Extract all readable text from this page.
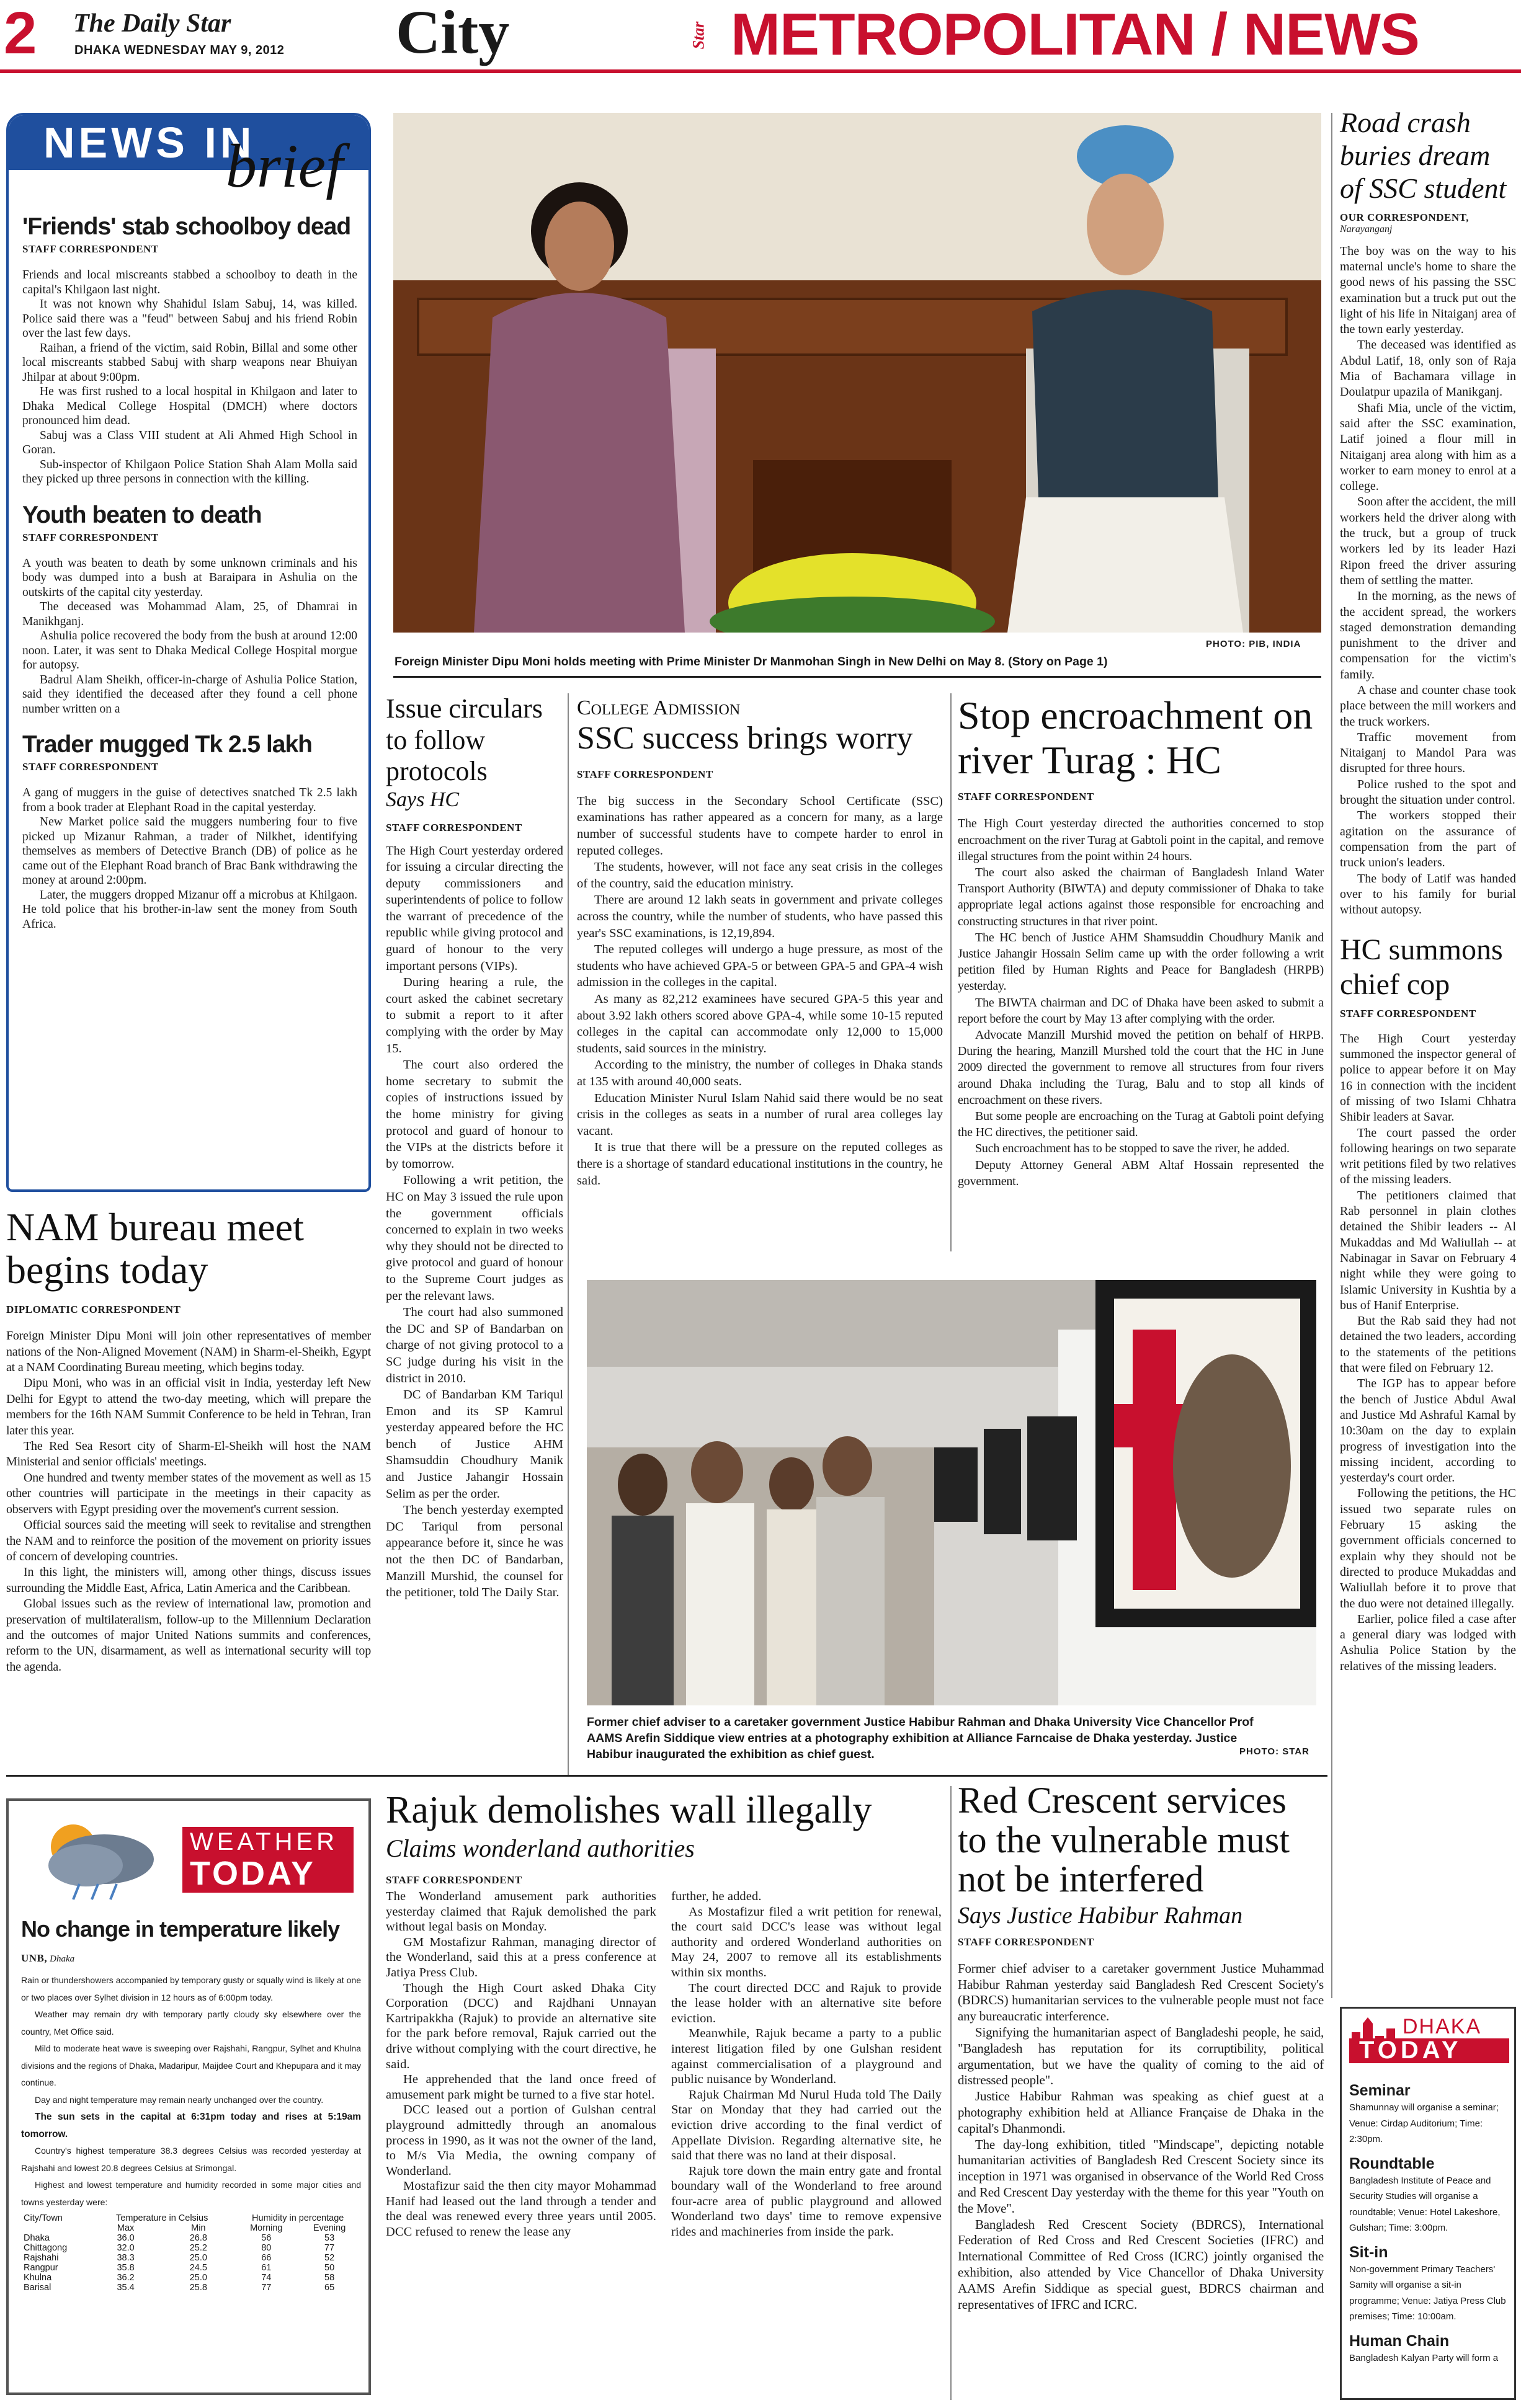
2 The Daily Star
DHAKA WEDNESDAY MAY 9, 2012 City	Star METROPOLITAN / NEWS
NEWS IN
brief
'Friends' stab schoolboy dead
STAFF CORRESPONDENT

Friends and local miscreants stabbed a schoolboy to death in the capital's Khilgaon last night.

It was not known why Shahidul Islam Sabuj, 14, was killed. Police said there was a "feud" between Sabuj and his friend Robin over the last few days.

Raihan, a friend of the victim, said Robin, Billal and some other local miscreants stabbed Sabuj with sharp weapons near Bhuiyan Jhilpar at about 9:00pm.

He was first rushed to a local hospital in Khilgaon and later to Dhaka Medical College Hospital (DMCH) where doctors pronounced him dead.

Sabuj was a Class VIII student at Ali Ahmed High School in Goran.

Sub-inspector of Khilgaon Police Station Shah Alam Molla said they picked up three persons in connection with the killing.

Youth beaten to death
STAFF CORRESPONDENT

A youth was beaten to death by some unknown criminals and his body was dumped into a bush at Baraipara in Ashulia on the outskirts of the capital city yesterday.

The deceased was Mohammad Alam, 25, of Dhamrai in Manikhganj.

Ashulia police recovered the body from the bush at around 12:00 noon. Later, it was sent to Dhaka Medical College Hospital morgue for autopsy.

Badrul Alam Sheikh, officer-in-charge of Ashulia Police Station, said they identified the deceased after they found a cell phone number written on a

Trader mugged Tk 2.5 lakh
STAFF CORRESPONDENT

A gang of muggers in the guise of detectives snatched Tk 2.5 lakh from a book trader at Elephant Road in the capital yesterday.

New Market police said the muggers numbering four to five picked up Mizanur Rahman, a trader of Nilkhet, identifying themselves as members of Detective Branch (DB) of police as he came out of the Elephant Road branch of Brac Bank withdrawing the money at around 2:00pm.

Later, the muggers dropped Mizanur off a microbus at Khilgaon. He told police that his brother-in-law sent the money from South Africa.

NAM bureau meet begins today
DIPLOMATIC CORRESPONDENT

Foreign Minister Dipu Moni will join other representatives of member nations of the Non-Aligned Movement (NAM) in Sharm-el-Sheikh, Egypt at a NAM Coordinating Bureau meeting, which begins today.

Dipu Moni, who was in an official visit in India, yesterday left New Delhi for Egypt to attend the two-day meeting, which will prepare the members for the 16th NAM Summit Conference to be held in Tehran, Iran later this year.

The Red Sea Resort city of Sharm-El-Sheikh will host the NAM Ministerial and senior officials' meetings.

One hundred and twenty member states of the movement as well as 15 other countries will participate in the meetings in their capacity as observers with Egypt presiding over the movement's current session.

Official sources said the meeting will seek to revitalise and strengthen the NAM and to reinforce the position of the movement on priority issues of concern of developing countries.

In this light, the ministers will, among other things, discuss issues surrounding the Middle East, Africa, Latin America and the Caribbean.

Global issues such as the review of international law, promotion and preservation of multilateralism, follow-up to the Millennium Declaration and the outcomes of major United Nations summits and conferences, reform to the UN, disarmament, as well as international security will top the agenda.

Foreign Minister Dipu Moni holds meeting with Prime Minister Dr Manmohan Singh in New Delhi on May 8. (Story on Page 1)
PHOTO: PIB, INDIA
Issue circulars to follow protocols
Says HC
STAFF CORRESPONDENT

The High Court yesterday ordered for issuing a circular directing the deputy commissioners and superintendents of police to follow the warrant of precedence of the republic while giving protocol and guard of honour to the very important persons (VIPs).

During hearing a rule, the court asked the cabinet secretary to submit a report to it after complying with the order by May 15.

The court also ordered the home secretary to submit the copies of instructions issued by the home ministry for giving protocol and guard of honour to the VIPs at the districts before it by tomorrow.

Following a writ petition, the HC on May 3 issued the rule upon the government officials concerned to explain in two weeks why they should not be directed to give protocol and guard of honour to the Supreme Court judges as per the relevant laws.

The court had also summoned the DC and SP of Bandarban on charge of not giving protocol to a SC judge during his visit in the district in 2010.

DC of Bandarban KM Tariqul Emon and its SP Kamrul yesterday appeared before the HC bench of Justice AHM Shamsuddin Choudhury Manik and Justice Jahangir Hossain Selim as per the order.

The bench yesterday exempted DC Tariqul from personal appearance before it, since he was not the then DC of Bandarban, Manzill Murshid, the counsel for the petitioner, told The Daily Star.

College Admission
SSC success brings worry
STAFF CORRESPONDENT

The big success in the Secondary School Certificate (SSC) examinations has rather appeared as a concern for many, as a large number of successful students have to compete harder to enrol in reputed colleges.

The students, however, will not face any seat crisis in the colleges of the country, said the education ministry.

There are around 12 lakh seats in government and private colleges across the country, while the number of students, who have passed this year's SSC examinations, is 12,19,894.

The reputed colleges will undergo a huge pressure, as most of the students who have achieved GPA-5 or between GPA-5 and GPA-4 wish admission in the colleges in the capital.

As many as 82,212 examinees have secured GPA-5 this year and about 3.92 lakh others scored above GPA-4, while some 10-15 reputed colleges in the capital can accommodate only 12,000 to 15,000 students, said sources in the ministry.

According to the ministry, the number of colleges in Dhaka stands at 135 with around 40,000 seats.

Education Minister Nurul Islam Nahid said there would be no seat crisis in the colleges as seats in a number of rural area colleges lay vacant.

It is true that there will be a pressure on the reputed colleges as there is a shortage of standard educational institutions in the country, he said.

Stop encroachment on river Turag : HC
STAFF CORRESPONDENT

The High Court yesterday directed the authorities concerned to stop encroachment on the river Turag at Gabtoli point in the capital, and remove illegal structures from the point within 24 hours.

The court also asked the chairman of Bangladesh Inland Water Transport Authority (BIWTA) and deputy commissioner of Dhaka to take appropriate legal actions against those responsible for encroaching and constructing structures in that river point.

The HC bench of Justice AHM Shamsuddin Choudhury Manik and Justice Jahangir Hossain Selim came up with the order following a writ petition filed by Human Rights and Peace for Bangladesh (HRPB) yesterday.

The BIWTA chairman and DC of Dhaka have been asked to submit a report before the court by May 13 after complying with the order.

Advocate Manzill Murshid moved the petition on behalf of HRPB. During the hearing, Manzill Murshed told the court that the HC in June 2009 directed the government to remove all structures from four rivers around Dhaka including the Turag, Balu and to stop all kinds of encroachment on these rivers.

But some people are encroaching on the Turag at Gabtoli point defying the HC directives, the petitioner said.

Such encroachment has to be stopped to save the river, he added.

Deputy Attorney General ABM Altaf Hossain represented the government.

Road crash buries dream of SSC student
OUR CORRESPONDENT,
Narayanganj

The boy was on the way to his maternal uncle's home to share the good news of his passing the SSC examination but a truck put out the light of his life in Nitaiganj area of the town early yesterday.

The deceased was identified as Abdul Latif, 18, only son of Raja Mia of Bachamara village in Doulatpur upazila of Manikganj.

Shafi Mia, uncle of the victim, said after the SSC examination, Latif joined a flour mill in Nitaiganj area along with him as a worker to earn money to enrol at a college.

Soon after the accident, the mill workers held the driver along with the truck, but a group of truck workers led by its leader Hazi Ripon freed the driver assuring them of settling the matter.

In the morning, as the news of the accident spread, the workers staged demonstration demanding punishment to the driver and compensation for the victim's family.

A chase and counter chase took place between the mill workers and the truck workers.

Traffic movement from Nitaiganj to Mandol Para was disrupted for three hours.

Police rushed to the spot and brought the situation under control.

The workers stopped their agitation on the assurance of compensation from the part of truck union's leaders.

The body of Latif was handed over to his family for burial without autopsy.

HC summons chief cop
STAFF CORRESPONDENT

The High Court yesterday summoned the inspector general of police to appear before it on May 16 in connection with the incident of missing of two Islami Chhatra Shibir leaders at Savar.

The court passed the order following hearings on two separate writ petitions filed by two relatives of the missing leaders.

The petitioners claimed that Rab personnel in plain clothes detained the Shibir leaders -- Al Mukaddas and Md Waliullah -- at Nabinagar in Savar on February 4 night while they were going to Islamic University in Kushtia by a bus of Hanif Enterprise.

But the Rab said they had not detained the two leaders, according to the statements of the petitions that were filed on February 12.

The IGP has to appear before the bench of Justice Abdul Awal and Justice Md Ashraful Kamal by 10:30am on the day to explain progress of investigation into the missing incident, according to yesterday's court order.

Following the petitions, the HC issued two separate rules on February 15 asking the government officials concerned to explain why they should not be directed to produce Mukaddas and Waliullah before it to prove that the duo were not detained illegally.

Earlier, police filed a case after a general diary was lodged with Ashulia Police Station by the relatives of the missing leaders.

Former chief adviser to a caretaker government Justice Habibur Rahman and Dhaka University Vice Chancellor Prof AAMS Arefin Siddique view entries at a photography exhibition at Alliance Farncaise de Dhaka yesterday. Justice Habibur inaugurated the exhibition as chief guest.	PHOTO: STAR
WEATHER
TODAY
No change in temperature likely
UNB, Dhaka

Rain or thundershowers accompanied by temporary gusty or squally wind is likely at one or two places over Sylhet division in 12 hours as of 6:00pm today.

Weather may remain dry with temporary partly cloudy sky elsewhere over the country, Met Office said.

Mild to moderate heat wave is sweeping over Rajshahi, Rangpur, Sylhet and Khulna divisions and the regions of Dhaka, Madaripur, Maijdee Court and Khepupara and it may continue.

Day and night temperature may remain nearly unchanged over the country.

The sun sets in the capital at 6:31pm today and rises at 5:19am tomorrow.

Country's highest temperature 38.3 degrees Celsius was recorded yesterday at Rajshahi and lowest 20.8 degrees Celsius at Srimongal.

Highest and lowest temperature and humidity recorded in some major cities and towns yesterday were:

City/Town	Temperature in Celsius		Humidity in percentage	
	Max	Min	Morning	Evening
Dhaka	36.0	26.8	56	53
Chittagong	32.0	25.2	80	77
Rajshahi	38.3	25.0	66	52
Rangpur	35.8	24.5	61	50
Khulna	36.2	25.0	74	58
Barisal	35.4	25.8	77	65
Rajuk demolishes wall illegally
Claims wonderland authorities
STAFF CORRESPONDENT

The Wonderland amusement park authorities yesterday claimed that Rajuk demolished the park without legal basis on Monday.

GM Mostafizur Rahman, managing director of the Wonderland, said this at a press conference at Jatiya Press Club.

Though the High Court asked Dhaka City Corporation (DCC) and Rajdhani Unnayan Kartripakkha (Rajuk) to provide an alternative site for the park before removal, Rajuk carried out the drive without complying with the court directive, he said.

He apprehended that the land once freed of amusement park might be turned to a five star hotel.

DCC leased out a portion of Gulshan central playground admittedly through an anomalous process in 1990, as it was not the owner of the land, to M/s Via Media, the owning company of Wonderland.

Mostafizur said the then city mayor Mohammad Hanif had leased out the land through a tender and the deal was renewed every three years until 2005. DCC refused to renew the lease any

further, he added.

As Mostafizur filed a writ petition for renewal, the court said DCC's lease was without legal authority and ordered Wonderland authorities on May 24, 2007 to remove all its establishments within six months.

The court directed DCC and Rajuk to provide the lease holder with an alternative site before eviction.

Meanwhile, Rajuk became a party to a public interest litigation filed by one Gulshan resident against commercialisation of a playground and public nuisance by Wonderland.

Rajuk Chairman Md Nurul Huda told The Daily Star on Monday that they had carried out the eviction drive according to the final verdict of Appellate Division. Regarding alternative site, he said that there was no land at their disposal.

Rajuk tore down the main entry gate and frontal boundary wall of the Wonderland to free around four-acre area of public playground and allowed Wonderland two days' time to remove expensive rides and machineries from inside the park.

Red Crescent services to the vulnerable must not be interfered
Says Justice Habibur Rahman
STAFF CORRESPONDENT

Former chief adviser to a caretaker government Justice Muhammad Habibur Rahman yesterday said Bangladesh Red Crescent Society's (BDRCS) humanitarian services to the vulnerable people must not face any bureaucratic interference.

Signifying the humanitarian aspect of Bangladeshi people, he said, "Bangladesh has reputation for its corruptibility, political argumentation, but we have the quality of coming to the aid of distressed people".

Justice Habibur Rahman was speaking as chief guest at a photography exhibition held at Alliance Française de Dhaka in the capital's Dhanmondi.

The day-long exhibition, titled "Mindscape", depicting notable humanitarian activities of Bangladesh Red Crescent Society since its inception in 1971 was organised in observance of the World Red Cross and Red Crescent Day yesterday with the theme for this year "Youth on the Move".

Bangladesh Red Crescent Society (BDRCS), International Federation of Red Cross and Red Crescent Societies (IFRC) and International Committee of Red Cross (ICRC) jointly organised the exhibition, also attended by Vice Chancellor of Dhaka University AAMS Arefin Siddique as special guest, BDRCS chairman and representatives of IFRC and ICRC.

DHAKA
TODAY
Seminar
Shamunnay will organise a seminar; Venue: Cirdap Auditorium; Time: 2:30pm.
Roundtable
Bangladesh Institute of Peace and Security Studies will organise a roundtable; Venue: Hotel Lakeshore, Gulshan; Time: 3:00pm.
Sit-in
Non-government Primary Teachers' Samity will organise a sit-in programme; Venue: Jatiya Press Club premises; Time: 10:00am.
Human Chain
Bangladesh Kalyan Party will form a
